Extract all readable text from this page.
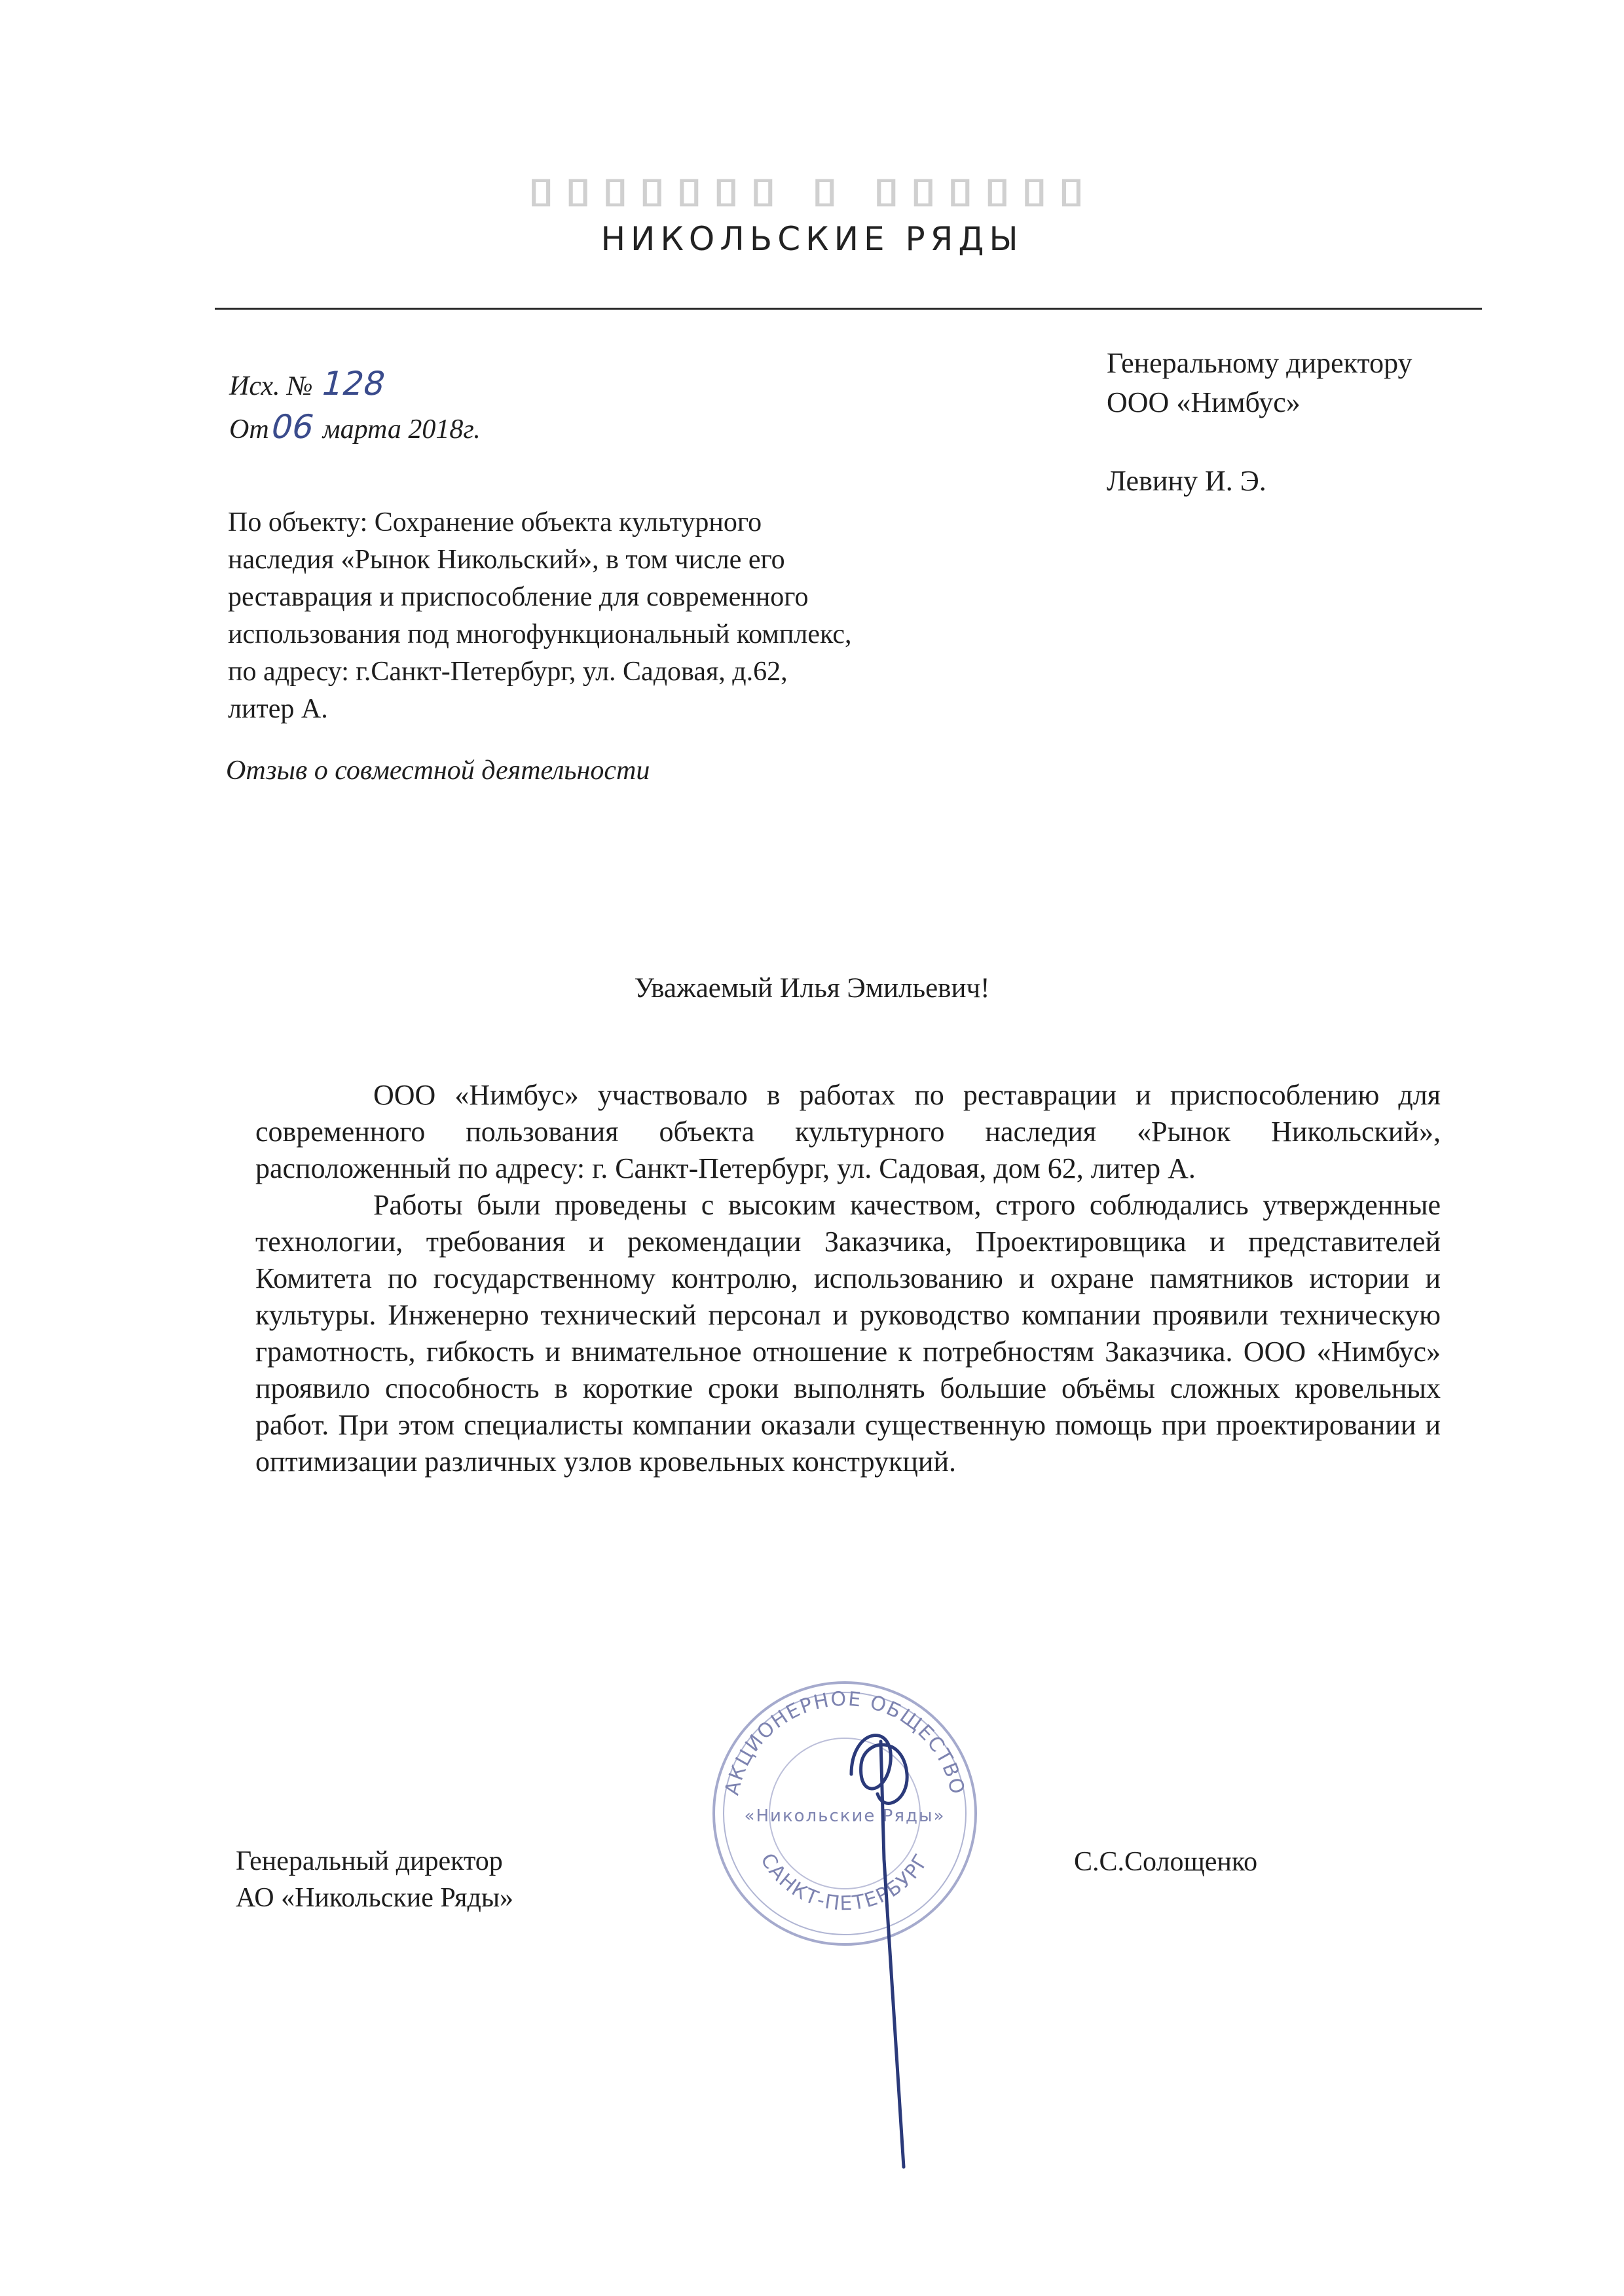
▯▯▯▯▯▯▯ ▯ ▯▯▯▯▯▯
НИКОЛЬСКИЕ РЯДЫ
Исх. № 128
От06 марта 2018г.
Генеральному директору
ООО «Нимбус»
Левину И. Э.
По объекту: Сохранение объекта культурного
наследия «Рынок Никольский», в том числе его
реставрация и приспособление для современного
использования под многофункциональный комплекс,
по адресу: г.Санкт-Петербург, ул. Садовая, д.62,
литер А.
Отзыв о совместной деятельности
Уважаемый Илья Эмильевич!

ООО «Нимбус» участвовало в работах по реставрации и приспособлению для современного пользования объекта культурного наследия «Рынок Никольский», расположенный по адресу: г. Санкт-Петербург, ул. Садовая, дом 62, литер А.

Работы были проведены с высоким качеством, строго соблюдались утвержденные технологии, требования и рекомендации Заказчика, Проектировщика и представителей Комитета по государственному контролю, использованию и охране памятников истории и культуры. Инженерно технический персонал и руководство компании проявили техническую грамотность, гибкость и внимательное отношение к потребностям Заказчика. ООО «Нимбус» проявило способность в короткие сроки выполнять большие объёмы сложных кровельных работ. При этом специалисты компании оказали существенную помощь при проектировании и оптимизации различных узлов кровельных конструкций.

АКЦИОНЕРНОЕ ОБЩЕСТВО
САНКТ-ПЕТЕРБУРГ
«Никольские Ряды»
Генеральный директор
АО «Никольские Ряды»
С.С.Солощенко
